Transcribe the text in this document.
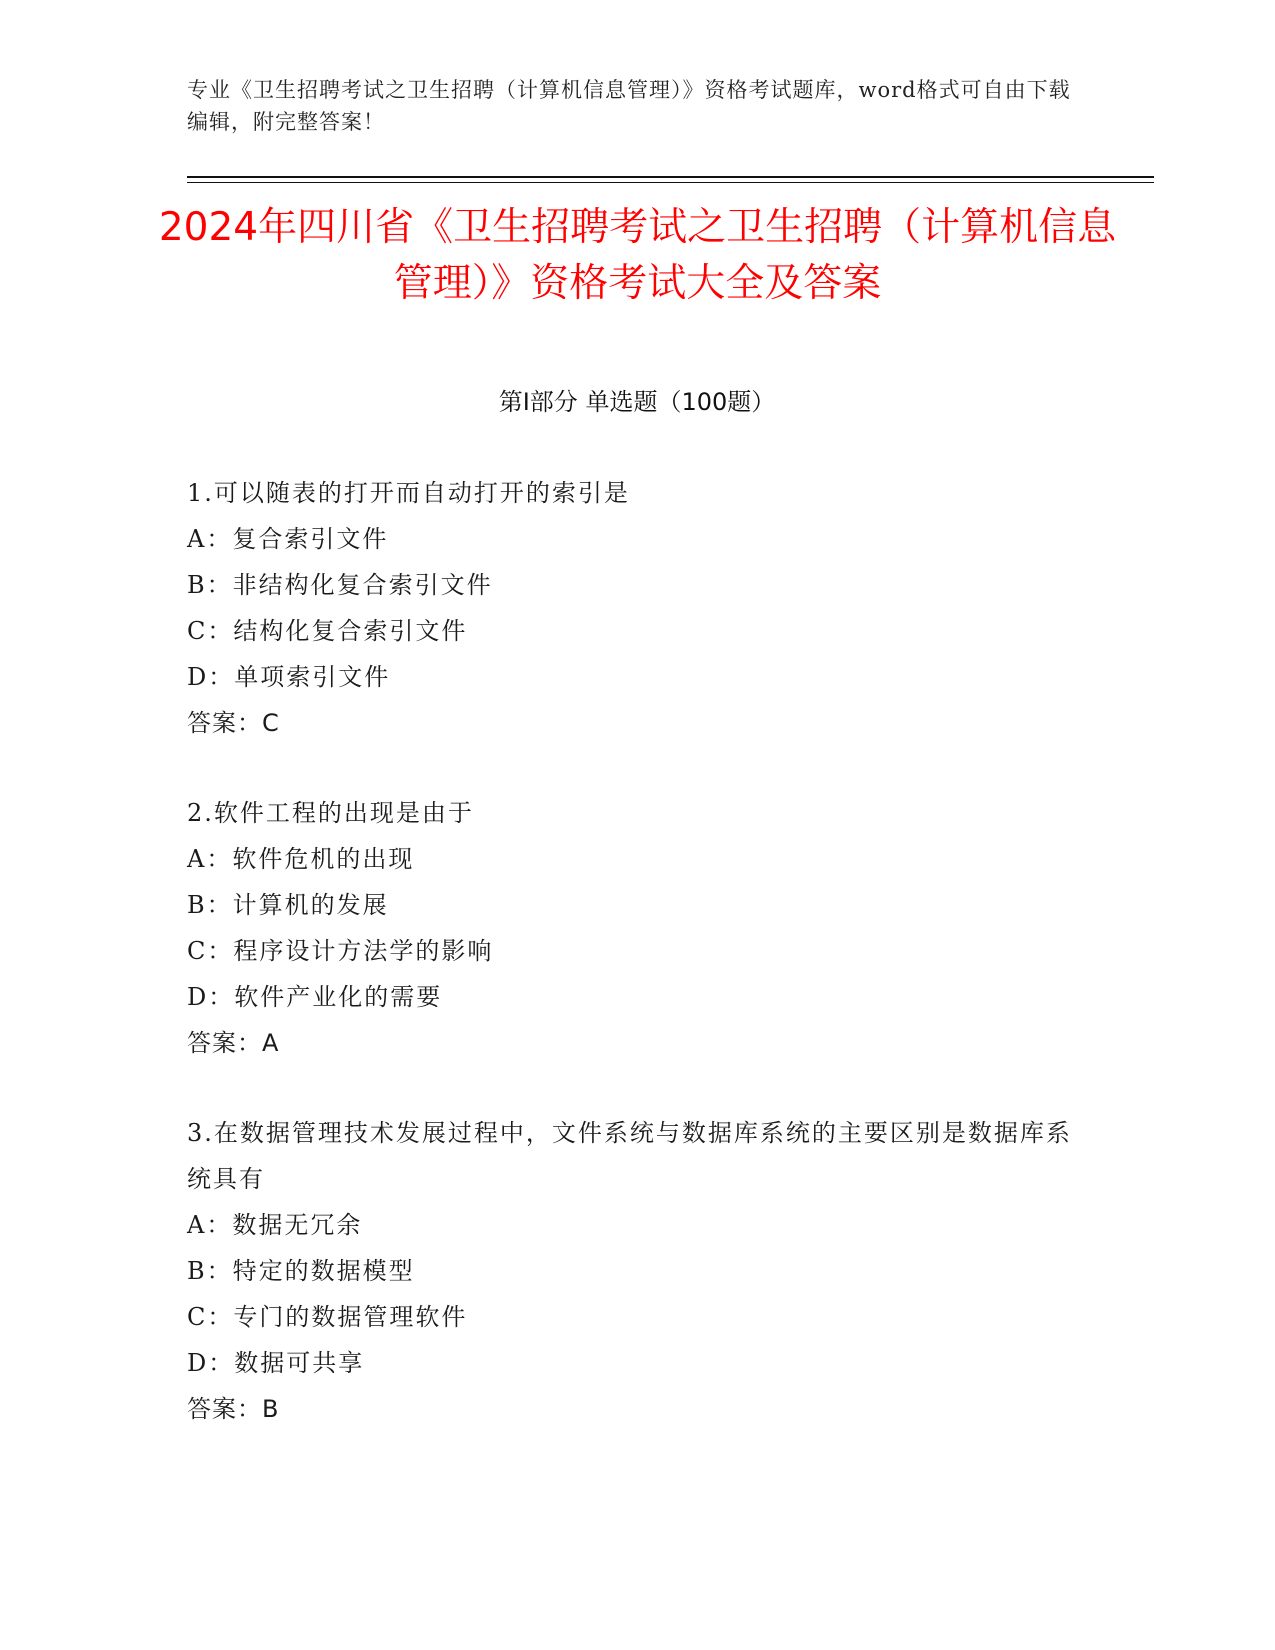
专业《卫生招聘考试之卫生招聘（计算机信息管理）》资格考试题库，word格式可自由下载编辑，附完整答案！
2024年四川省《卫生招聘考试之卫生招聘（计算机信息管理）》资格考试大全及答案
第Ⅰ部分 单选题（100题）
1.可以随表的打开而自动打开的索引是
A：复合索引文件
B：非结构化复合索引文件
C：结构化复合索引文件
D：单项索引文件
答案：C
2.软件工程的出现是由于
A：软件危机的出现
B：计算机的发展
C：程序设计方法学的影响
D：软件产业化的需要
答案：A
3.在数据管理技术发展过程中，文件系统与数据库系统的主要区别是数据库系统具有
A：数据无冗余
B：特定的数据模型
C：专门的数据管理软件
D：数据可共享
答案：B
